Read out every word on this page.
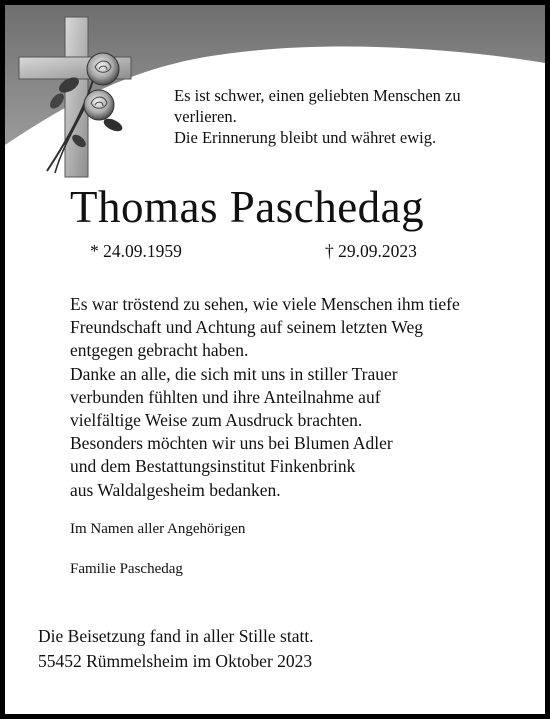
Es ist schwer, einen geliebten Menschen zu
verlieren.
Die Erinnerung bleibt und währet ewig.
Thomas Paschedag
* 24.09.1959	† 29.09.2023
Es war tröstend zu sehen, wie viele Menschen ihm tiefe
Freundschaft und Achtung auf seinem letzten Weg
entgegen gebracht haben.
Danke an alle, die sich mit uns in stiller Trauer
verbunden fühlten und ihre Anteilnahme auf
vielfältige Weise zum Ausdruck brachten.
Besonders möchten wir uns bei Blumen Adler
und dem Bestattungsinstitut Finkenbrink
aus Waldalgesheim bedanken.
Im Namen aller Angehörigen
Familie Paschedag
Die Beisetzung fand in aller Stille statt.
55452 Rümmelsheim im Oktober 2023
